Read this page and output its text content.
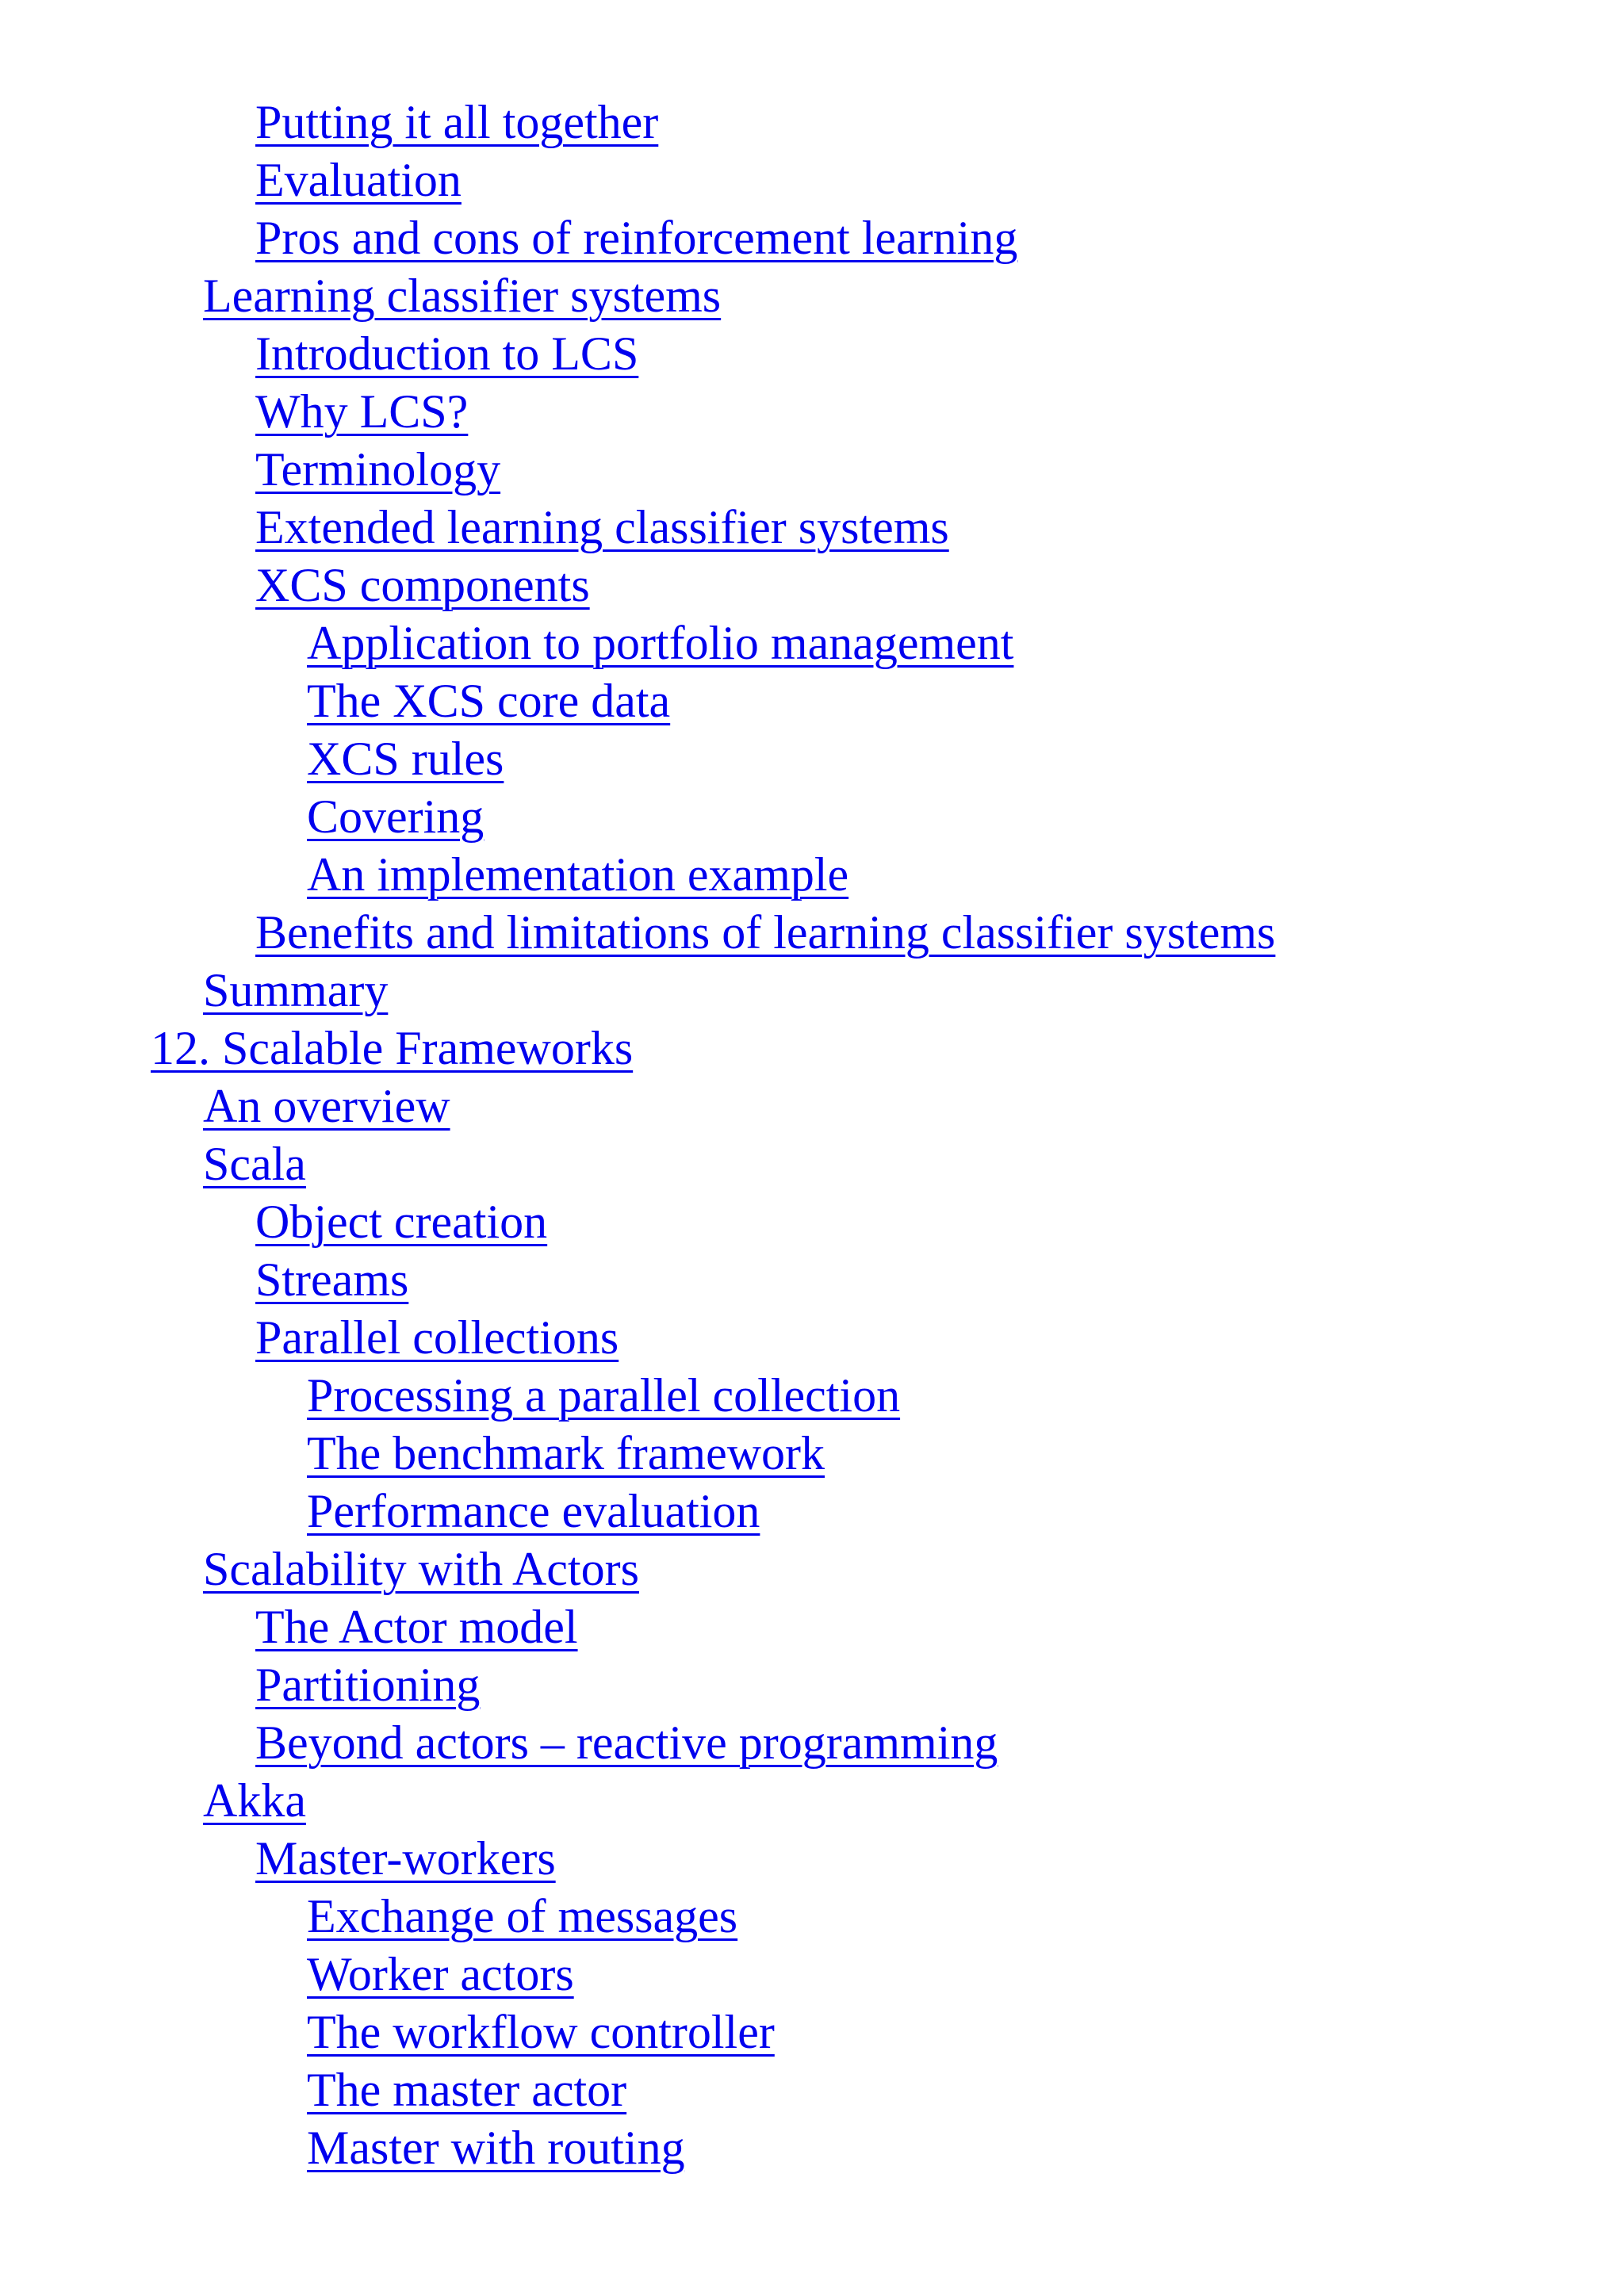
Putting it all together
Evaluation
Pros and cons of reinforcement learning
Learning classifier systems
Introduction to LCS
Why LCS?
Terminology
Extended learning classifier systems
XCS components
Application to portfolio management
The XCS core data
XCS rules
Covering
An implementation example
Benefits and limitations of learning classifier systems
Summary
12. Scalable Frameworks
An overview
Scala
Object creation
Streams
Parallel collections
Processing a parallel collection
The benchmark framework
Performance evaluation
Scalability with Actors
The Actor model
Partitioning
Beyond actors – reactive programming
Akka
Master-workers
Exchange of messages
Worker actors
The workflow controller
The master actor
Master with routing
